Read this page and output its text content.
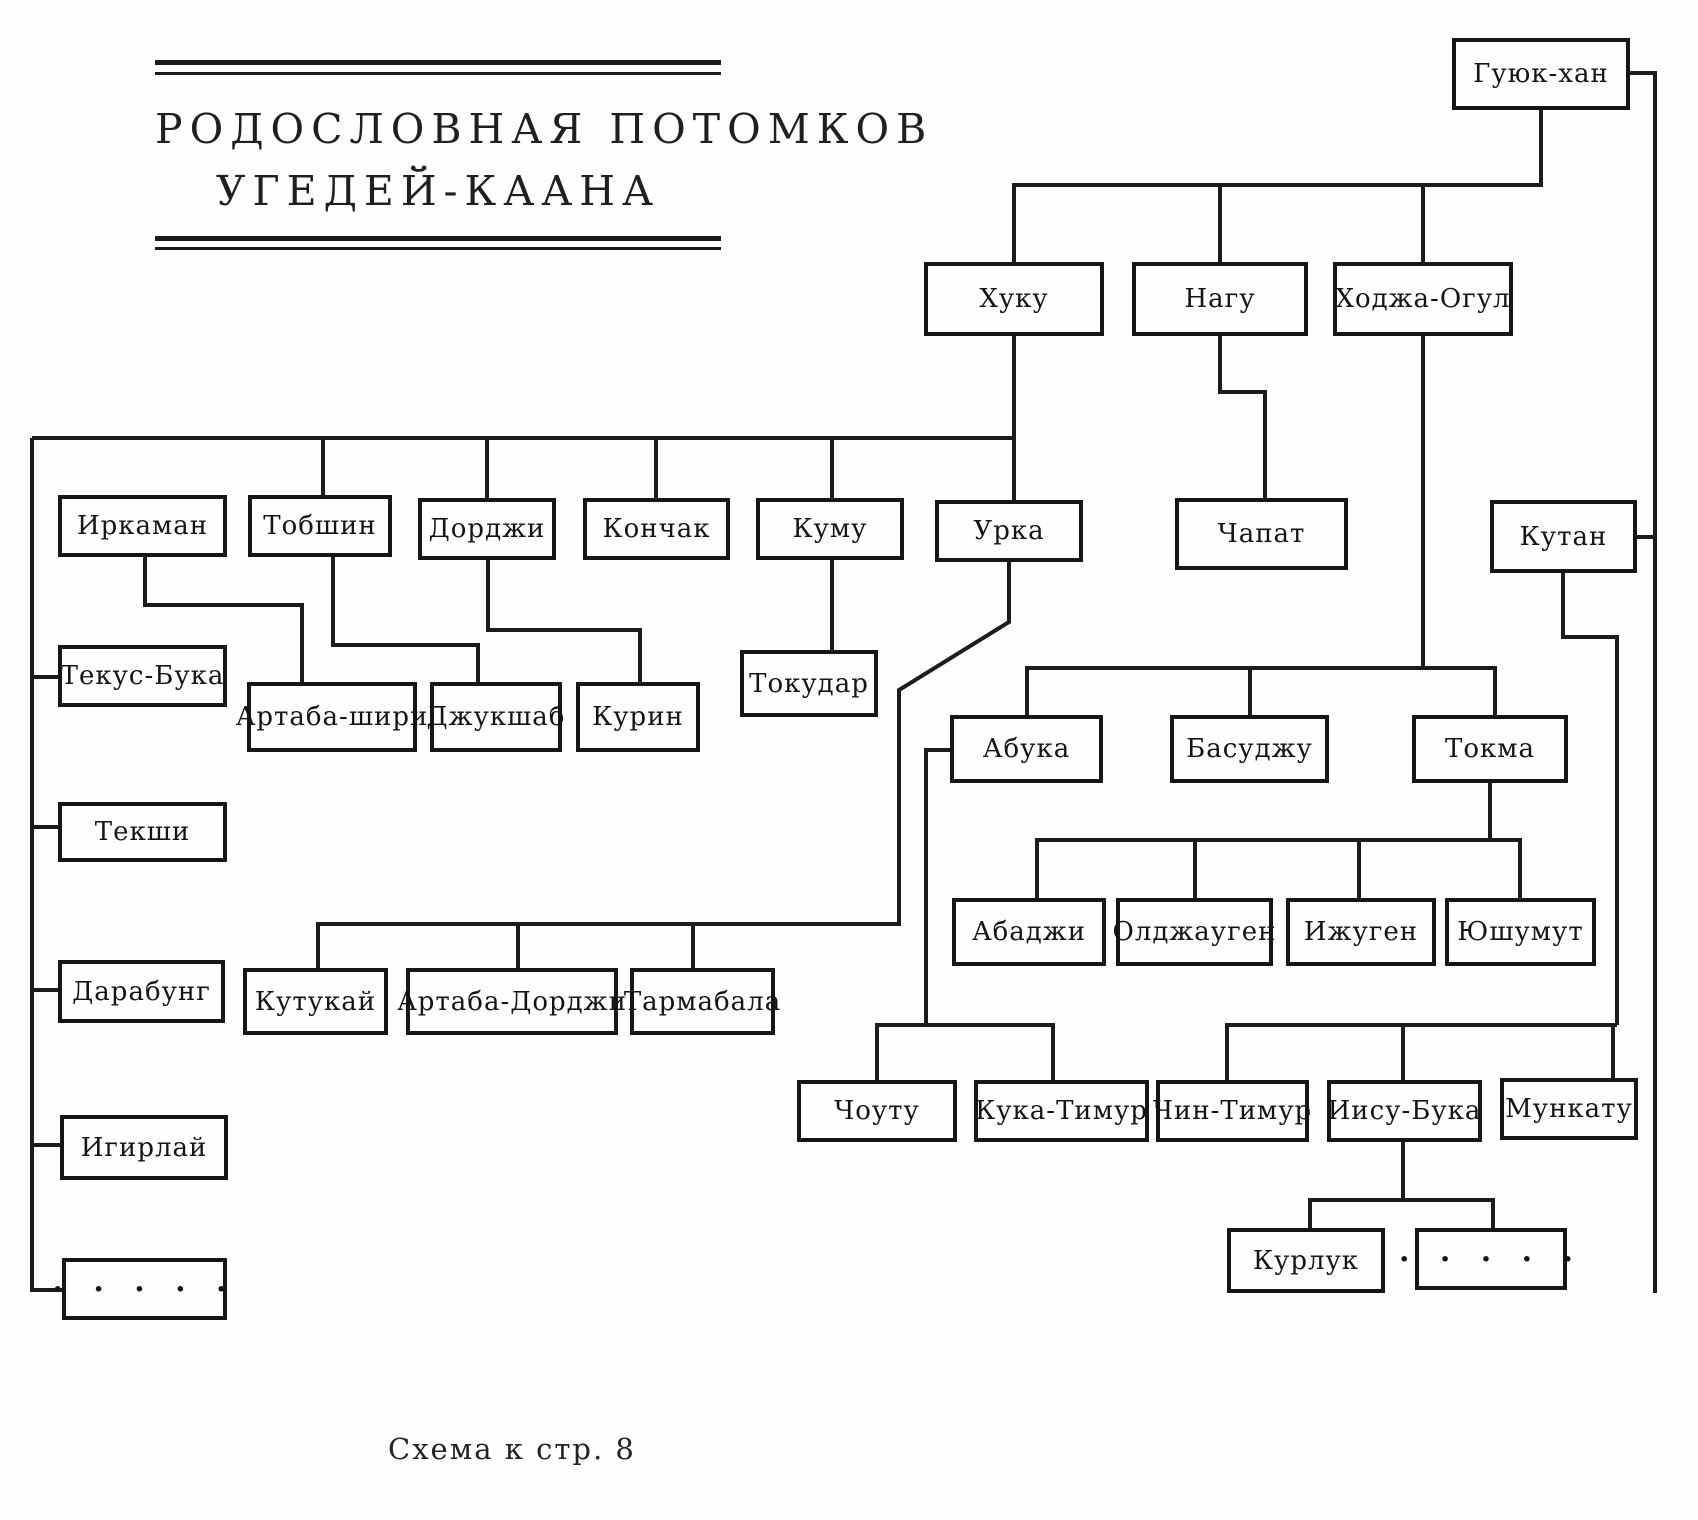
РОДОСЛОВНАЯ ПОТОМКОВ
УГЕДЕЙ-КААНА
Гуюк-хан
Хуку	Нагу	Ходжа-Огул
Чапат	Кутан
Иркаман	Тобшин	Дорджи	Кончак	Куму	Урка
Текус-Бука
Артаба-шири
Джукшаб	Курин
Токудар
Абука	Басуджу	Токма
Текши
Абаджи	Олджауген	Ижуген	Юшумут
Дарабунг	Кутукай Артаба-Дорджи
Тармабала
Игирлай
Чоуту	Кука-Тимур Чин-Тимур Иису-Бука Мункату
Курлук	· · · · ·
· · · · ·
Схема к стр. 8
